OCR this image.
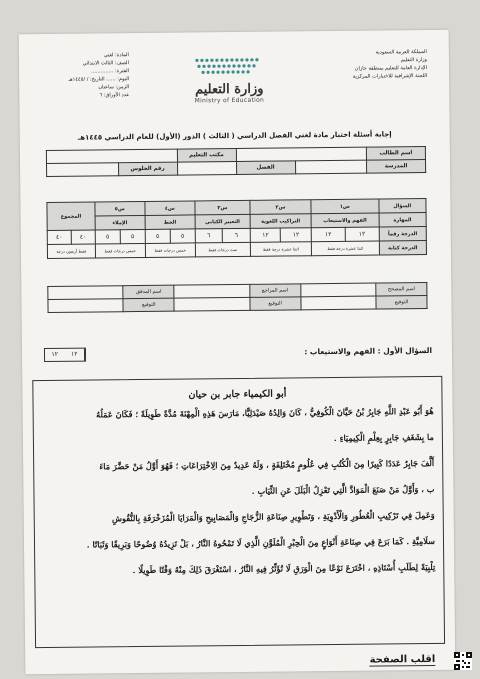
المملكة العربية السعودية
وزارة التعليم
الإدارة العامة للتعليم بمنطقة جازان
اللجنة الإشرافية للاختبارات المركزية
وزارة التعليم
Ministry of Education
المادة: لغتي
الصف: الثالث الابتدائي
الفترة: ..............
اليوم: ...... التاريخ: / /١٤٤٥هـ
الزمن: ساعتان
عدد الأوراق: ٦
إجابة أسئلة اختبار مادة لغتي الفصل الدراسي ( الثالث ) الدور (الأول) للعام الدراسي ١٤٤٥هـ
اسم الطالب			مكتب التعليم		
المدرسة		الفصل		رقم الجلوس	
السؤال	س١		س٢		س٣		س٤		س٥		المجموع	
المهارة	الفهم والاستيعاب		التراكيب اللغوية		التعبير الكتابي		الخط		الإملاء			
الدرجة رقماً	١٢	١٢	١٢	١٢	٦	٦	٥	٥	٥	٥	٤٠	٤٠
الدرجة كتابة	اثنتا عشرة درجة فقط		اثنتا عشرة درجة فقط		ست درجات فقط		خمس درجات فقط		خمس درجات فقط		فقط أربعون درجة	
اسم المصحح		اسم المراجع		اسم المدقق	
التوقيع		التوقيع		التوقيع	
١٢	١٢	السؤال الأول : الفهم والاستيعاب :
أبو الكيمياء جابر بن حيان

هُوَ أَبُو عَبْدِ اللَّهِ جَابِرُ بْنُ حَيَّانَ الْكُوفِيُّ ، كَانَ وَالِدُهُ صَيْدَلِيًّا، مَارَسَ هَذِهِ الْمِهْنَةَ مُدَّةً طَوِيلَةً ؛ فَكَانَ عَمَلُهُ

ما بِشَغَفِ جَابِرٍ بِعِلْمِ الْكِيمِيَاءِ .

أَلَّفَ جَابِرٌ عَدَدًا كَبِيرًا مِنَ الْكُتُبِ فِي عُلُومٍ مُخْتَلِفَةٍ ، وَلَهُ عَدِيدٌ مِنَ الِاخْتِرَاعَاتِ ؛ فَهُوَ أَوَّلُ مَنْ حَضَّرَ مَاءَ

ب ، وَأَوَّلُ مَنْ صَنَعَ الْمَوَادَّ الَّتِي تَعْزِلُ الْبَلَلَ عَنِ الثِّيَابِ .

وَعَمِلَ فِي تَرْكِيبِ الْعُطُورِ وَالْأَدْوِيَةِ ، وَتَطْوِيرِ صِنَاعَةِ الزُّجَاجِ وَالْمَصَابِيحِ وَالْمَرَايَا الْمُزَخْرَفَةِ بِالنُّقُوشِ

سلَامِيَّةِ . كَمَا بَرَعَ فِي صِنَاعَةِ أَنْوَاعٍ مِنَ الْحِبْرِ الْمُلَوَّنِ الَّذِي لَا تَمْحُوهُ النَّارُ ، بَلْ تَزِيدُهُ وُضُوحًا وَبَرِيقًا وَثَبَاتًا .

تِلْبِيَةً لِطَلَبِ أُسْتَاذِهِ ، اخْتَرَعَ نَوْعًا مِنَ الْوَرَقِ لَا تُؤَثِّرُ فِيهِ النَّارُ ، اسْتَغْرَقَ ذَلِكَ مِنْهُ وَقْتًا طَوِيلًا .

اقلب الصفحة
